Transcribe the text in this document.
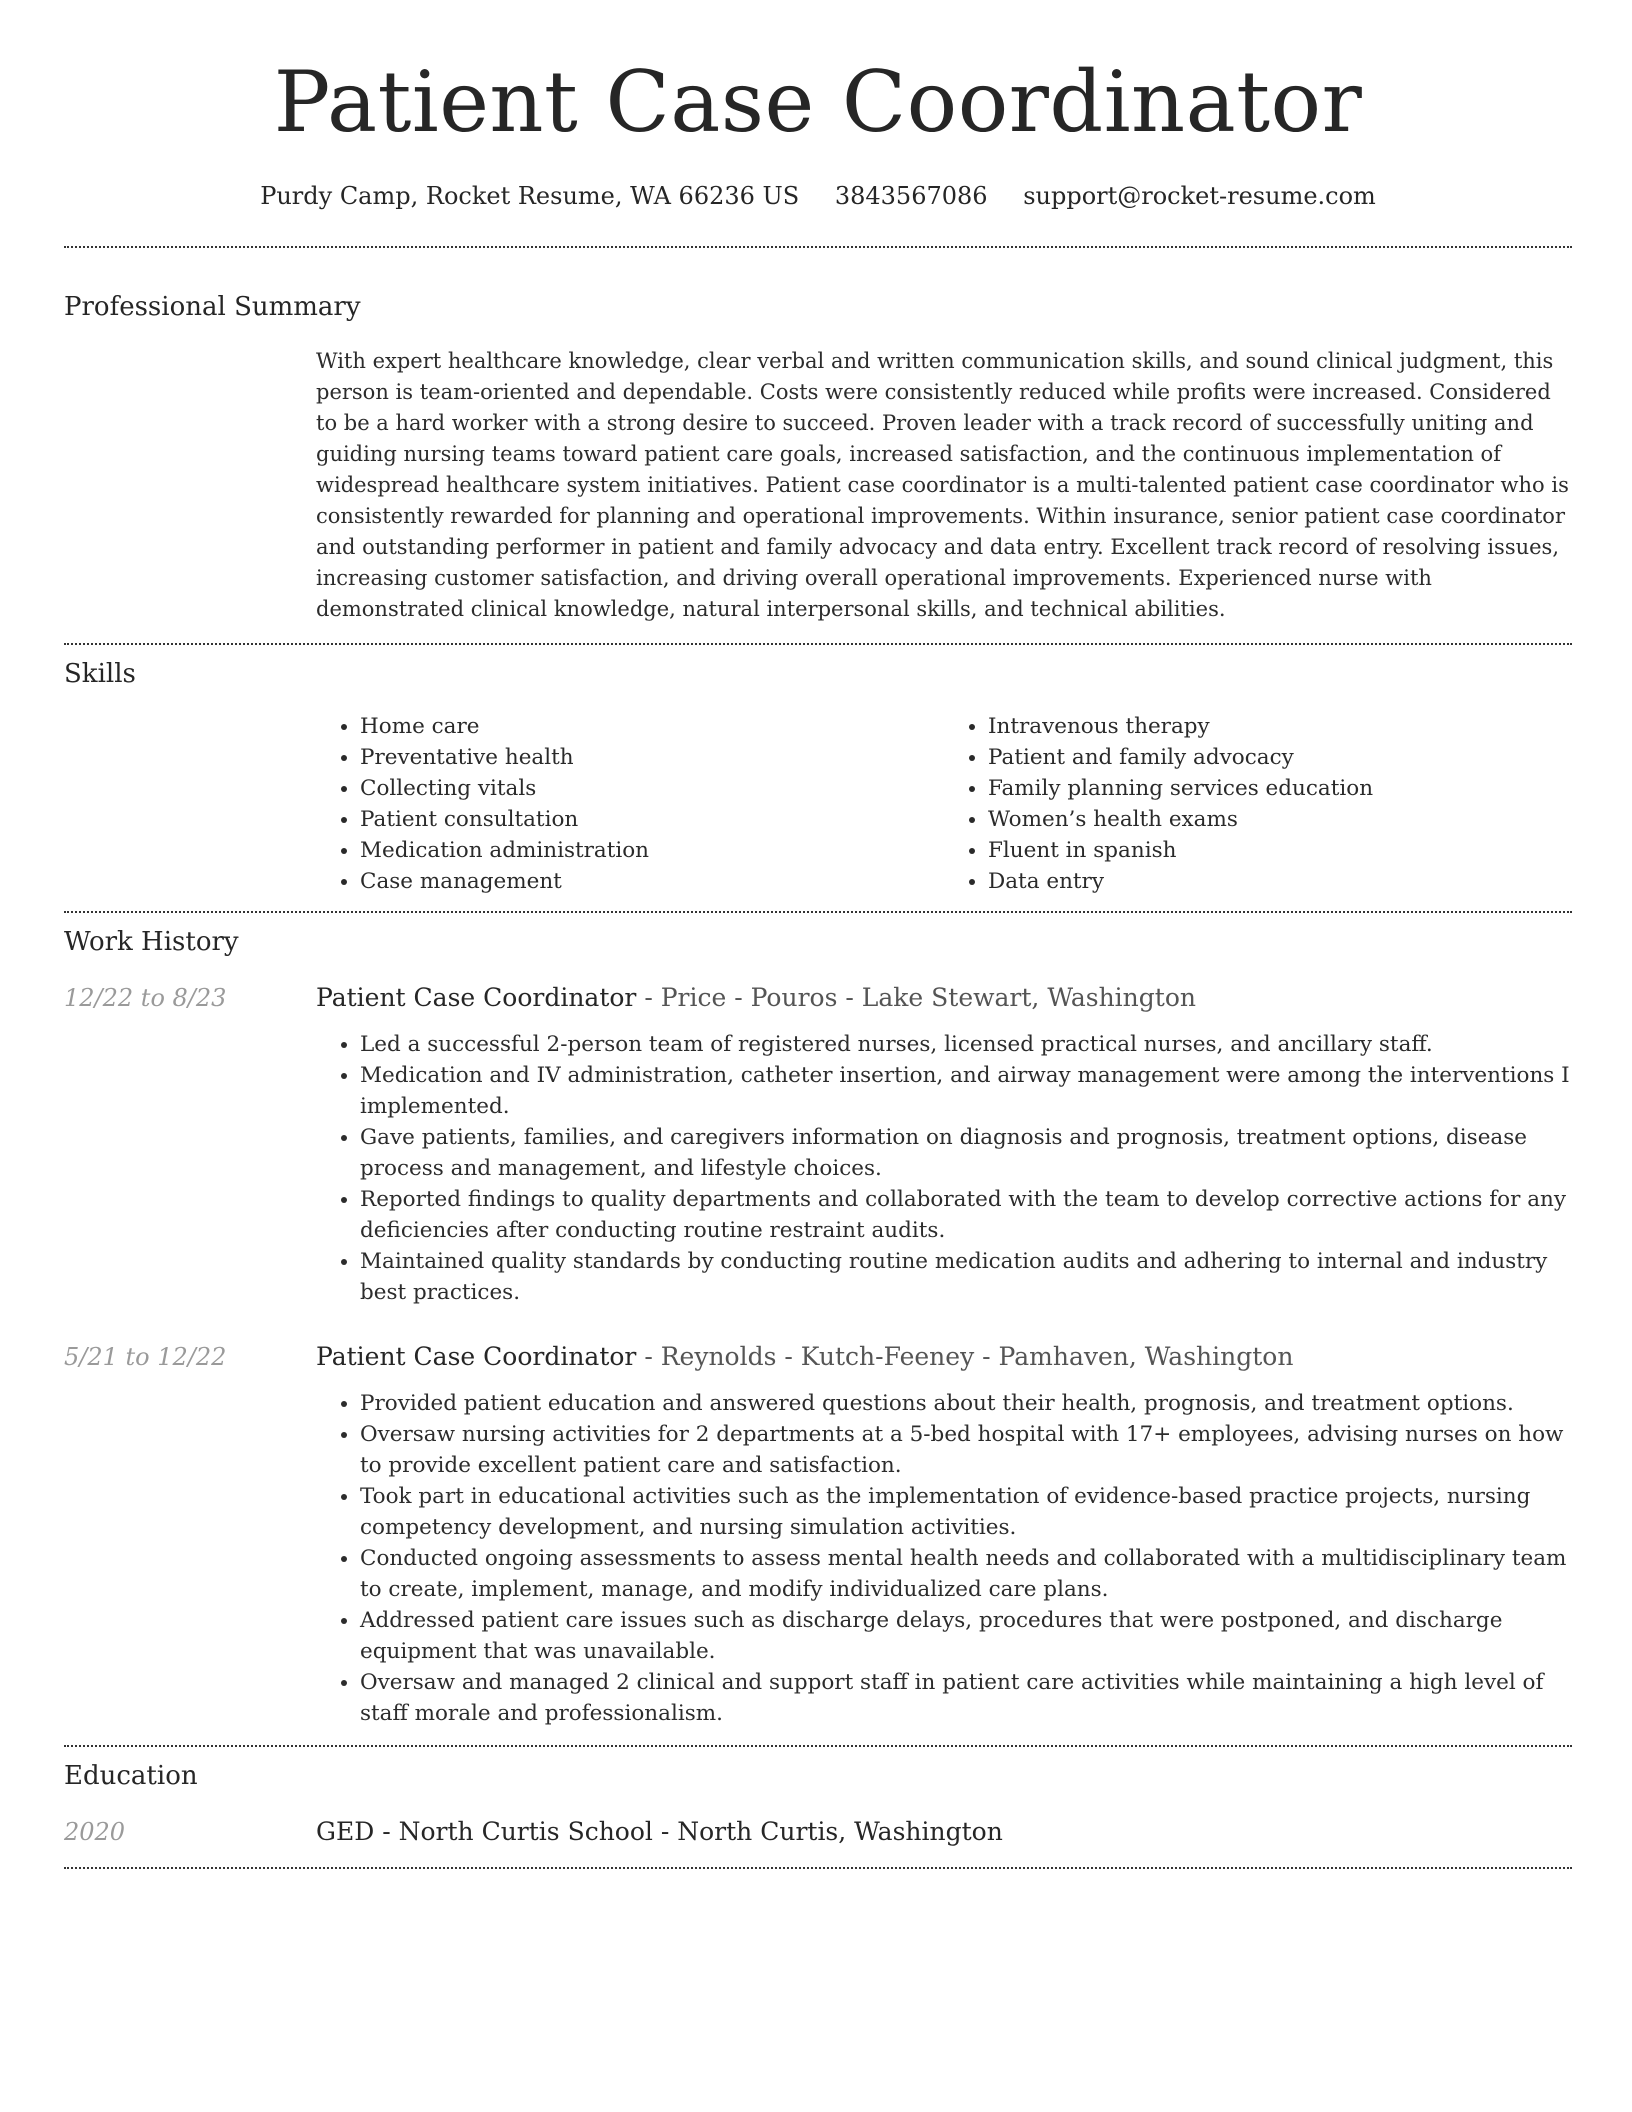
Patient Case Coordinator
Purdy Camp, Rocket Resume, WA 66236 US 3843567086 support@rocket-resume.com
Professional Summary

With expert healthcare knowledge, clear verbal and written communication skills, and sound clinical judgment, this person is team-oriented and dependable. Costs were consistently reduced while profits were increased. Considered to be a hard worker with a strong desire to succeed. Proven leader with a track record of successfully uniting and guiding nursing teams toward patient care goals, increased satisfaction, and the continuous implementation of widespread healthcare system initiatives. Patient case coordinator is a multi-talented patient case coordinator who is consistently rewarded for planning and operational improvements. Within insurance, senior patient case coordinator and outstanding performer in patient and family advocacy and data entry. Excellent track record of resolving issues, increasing customer satisfaction, and driving overall operational improvements. Experienced nurse with demonstrated clinical knowledge, natural interpersonal skills, and technical abilities.

Skills
• Home care
• Preventative health
• Collecting vitals
• Patient consultation
• Medication administration
• Case management
• Intravenous therapy
• Patient and family advocacy
• Family planning services education
• Women’s health exams
• Fluent in spanish
• Data entry
Work History
12/22 to 8/23	Patient Case Coordinator - Price - Pouros - Lake Stewart, Washington
• Led a successful 2-person team of registered nurses, licensed practical nurses, and ancillary staff.
• Medication and IV administration, catheter insertion, and airway management were among the interventions I implemented.
• Gave patients, families, and caregivers information on diagnosis and prognosis, treatment options, disease process and management, and lifestyle choices.
• Reported findings to quality departments and collaborated with the team to develop corrective actions for any deficiencies after conducting routine restraint audits.
• Maintained quality standards by conducting routine medication audits and adhering to internal and industry best practices.
5/21 to 12/22	Patient Case Coordinator - Reynolds - Kutch-Feeney - Pamhaven, Washington
• Provided patient education and answered questions about their health, prognosis, and treatment options.
• Oversaw nursing activities for 2 departments at a 5-bed hospital with 17+ employees, advising nurses on how to provide excellent patient care and satisfaction.
• Took part in educational activities such as the implementation of evidence-based practice projects, nursing competency development, and nursing simulation activities.
• Conducted ongoing assessments to assess mental health needs and collaborated with a multidisciplinary team to create, implement, manage, and modify individualized care plans.
• Addressed patient care issues such as discharge delays, procedures that were postponed, and discharge equipment that was unavailable.
• Oversaw and managed 2 clinical and support staff in patient care activities while maintaining a high level of staff morale and professionalism.
Education
2020	GED - North Curtis School - North Curtis, Washington
